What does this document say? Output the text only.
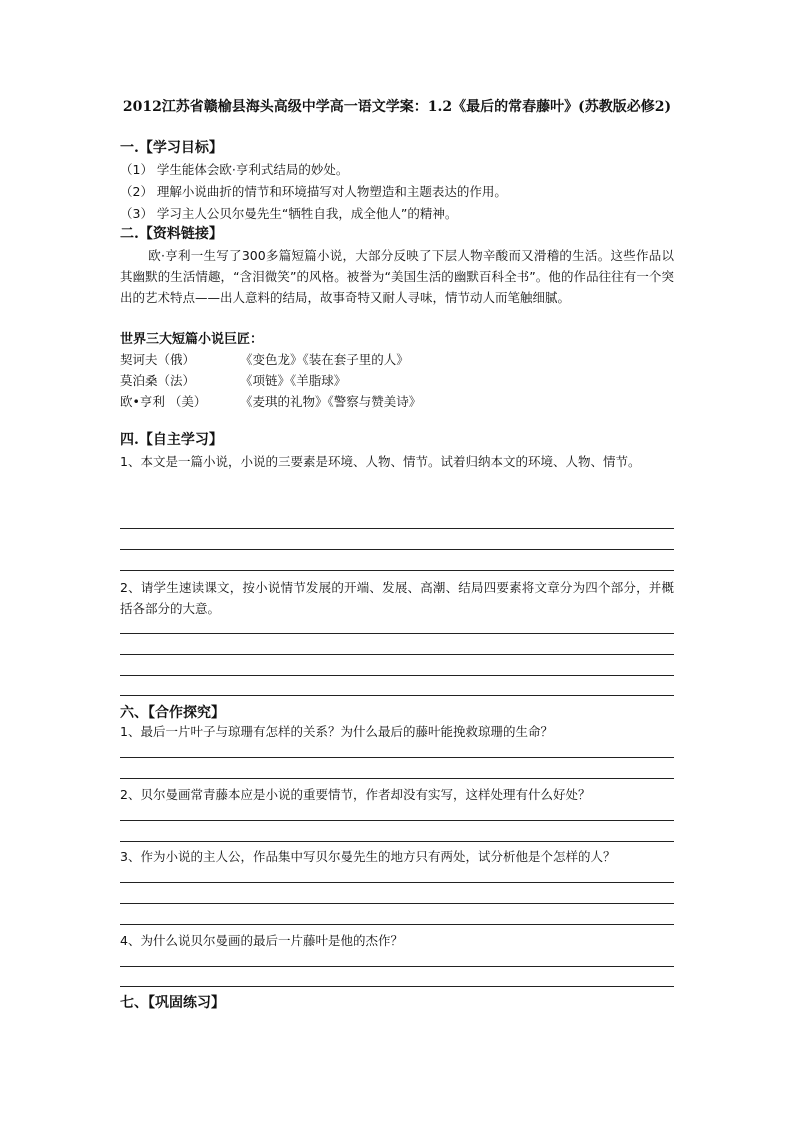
2012江苏省赣榆县海头高级中学高一语文学案：1.2《最后的常春藤叶》(苏教版必修2)
一.【学习目标】
（1） 学生能体会欧·亨利式结局的妙处。
（2） 理解小说曲折的情节和环境描写对人物塑造和主题表达的作用。
（3） 学习主人公贝尔曼先生“牺牲自我，成全他人”的精神。
二.【资料链接】
欧·亨利一生写了300多篇短篇小说，大部分反映了下层人物辛酸而又滑稽的生活。这些作品以其幽默的生活情趣，“含泪微笑”的风格。被誉为“美国生活的幽默百科全书”。他的作品往往有一个突出的艺术特点——出人意料的结局，故事奇特又耐人寻味，情节动人而笔触细腻。
世界三大短篇小说巨匠：
契诃夫（俄）	《变色龙》《装在套子里的人》
莫泊桑（法）	《项链》《羊脂球》
欧•亨利 （美）	《麦琪的礼物》《警察与赞美诗》
四.【自主学习】
1、本文是一篇小说，小说的三要素是环境、人物、情节。试着归纳本文的环境、人物、情节。
2、请学生速读课文，按小说情节发展的开端、发展、高潮、结局四要素将文章分为四个部分，并概括各部分的大意。
六、【合作探究】
1、最后一片叶子与琼珊有怎样的关系？为什么最后的藤叶能挽救琼珊的生命？
2、贝尔曼画常青藤本应是小说的重要情节，作者却没有实写，这样处理有什么好处？
3、作为小说的主人公，作品集中写贝尔曼先生的地方只有两处，试分析他是个怎样的人？
4、为什么说贝尔曼画的最后一片藤叶是他的杰作？
七、【巩固练习】
